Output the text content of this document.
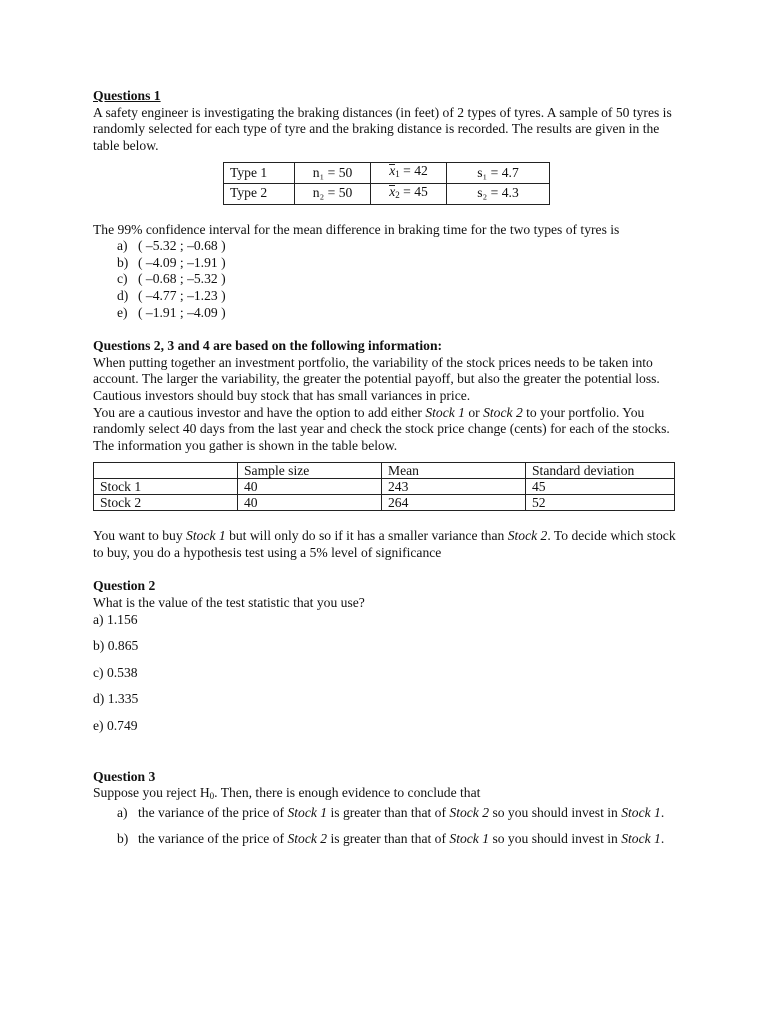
Questions 1

A safety engineer is investigating the braking distances (in feet) of 2 types of tyres. A sample of 50 tyres is randomly selected for each type of tyre and the braking distance is recorded. The results are given in the table below.

Type 1	n₁ = 50	$x_1 = 42$	s₁ = 4.7
Type 2	n₂ = 50	$x_2 = 45$	s₂ = 4.3

The 99% confidence interval for the mean difference in braking time for the two types of tyres is

a) ( –5.32 ; –0.68 )
b) ( –4.09 ; –1.91 )
c) ( –0.68 ; –5.32 )
d) ( –4.77 ; –1.23 )
e) ( –1.91 ; –4.09 )

Questions 2, 3 and 4 are based on the following information:

When putting together an investment portfolio, the variability of the stock prices needs to be taken into account. The larger the variability, the greater the potential payoff, but also the greater the potential loss. Cautious investors should buy stock that has small variances in price.

You are a cautious investor and have the option to add either Stock 1 or Stock 2 to your portfolio. You randomly select 40 days from the last year and check the stock price change (cents) for each of the stocks. The information you gather is shown in the table below.

	Sample size	Mean	Standard deviation
Stock 1	40	243	45
Stock 2	40	264	52

You want to buy Stock 1 but will only do so if it has a smaller variance than Stock 2. To decide which stock to buy, you do a hypothesis test using a 5% level of significance

Question 2

What is the value of the test statistic that you use?

a) 1.156

b) 0.865

c) 0.538

d) 1.335

e) 0.749

Question 3

Suppose you reject $H_0$. Then, there is enough evidence to conclude that

a) the variance of the price of Stock 1 is greater than that of Stock 2 so you should invest in Stock 1.
b) the variance of the price of Stock 2 is greater than that of Stock 1 so you should invest in Stock 1.
